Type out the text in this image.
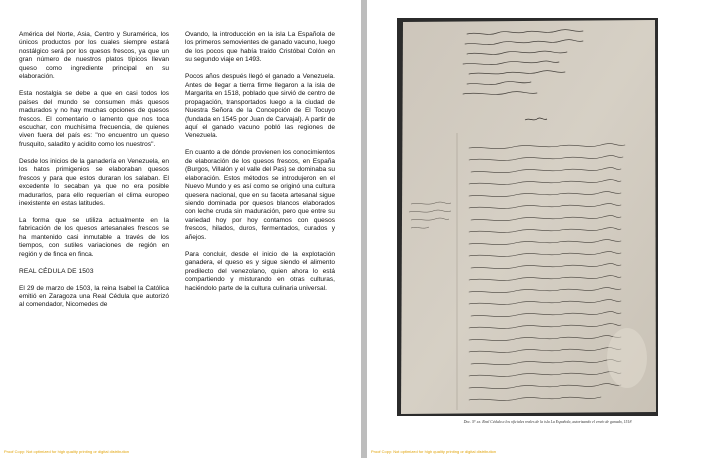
América del Norte, Asia, Centro y Suramérica, los únicos productos por los cuales siempre estará nostálgico será por los quesos frescos, ya que un gran número de nuestros platos típicos llevan queso como ingrediente principal en su elaboración.

Esta nostalgia se debe a que en casi todos los países del mundo se consumen más quesos madurados y no hay muchas opciones de quesos frescos. El comentario o lamento que nos toca escuchar, con muchísima frecuencia, de quienes viven fuera del país es: "no encuentro un queso frusquito, saladito y acidito como los nuestros".

Desde los inicios de la ganadería en Venezuela, en los hatos primigenios se elaboraban quesos frescos y para que estos duraran los salaban. El excedente lo secaban ya que no era posible madurarlos, para ello requerían el clima europeo inexistente en estas latitudes.

La forma que se utiliza actualmente en la fabricación de los quesos artesanales frescos se ha mantenido casi inmutable a través de los tiempos, con sutiles variaciones de región en región y de finca en finca.

REAL CÉDULA DE 1503

El 29 de marzo de 1503, la reina Isabel la Católica emitió en Zaragoza una Real Cédula que autorizó al comendador, Nicomedes de

Ovando, la introducción en la isla La Española de los primeros semovientes de ganado vacuno, luego de los pocos que había traído Cristóbal Colón en su segundo viaje en 1493.

Pocos años después llegó el ganado a Venezuela. Antes de llegar a tierra firme llegaron a la isla de Margarita en 1518, poblado que sirvió de centro de propagación, transportados luego a la ciudad de Nuestra Señora de la Concepción de El Tocuyo (fundada en 1545 por Juan de Carvajal). A partir de aquí el ganado vacuno pobló las regiones de Venezuela.

En cuanto a de dónde provienen los conocimientos de elaboración de los quesos frescos, en España (Burgos, Villalón y el valle del Pas) se dominaba su elaboración. Estos métodos se introdujeron en el Nuevo Mundo y es así como se originó una cultura quesera nacional, que en su faceta artesanal sigue siendo dominada por quesos blancos elaborados con leche cruda sin maduración, pero que entre su variedad hoy por hoy contamos con quesos frescos, hilados, duros, fermentados, curados y añejos.

Para concluir, desde el inicio de la explotación ganadera, el queso es y sigue siendo el alimento predilecto del venezolano, quien ahora lo está compartiendo y misturando en otras culturas, haciéndolo parte de la cultura culinaria universal.

Proof Copy: Not optimized for high quality printing or digital distribution
Doc. Nº xx. Real Cédula a los oficiales reales de la isla La Española, autorizando el envío de ganado, 1518
Proof Copy: Not optimized for high quality printing or digital distribution
